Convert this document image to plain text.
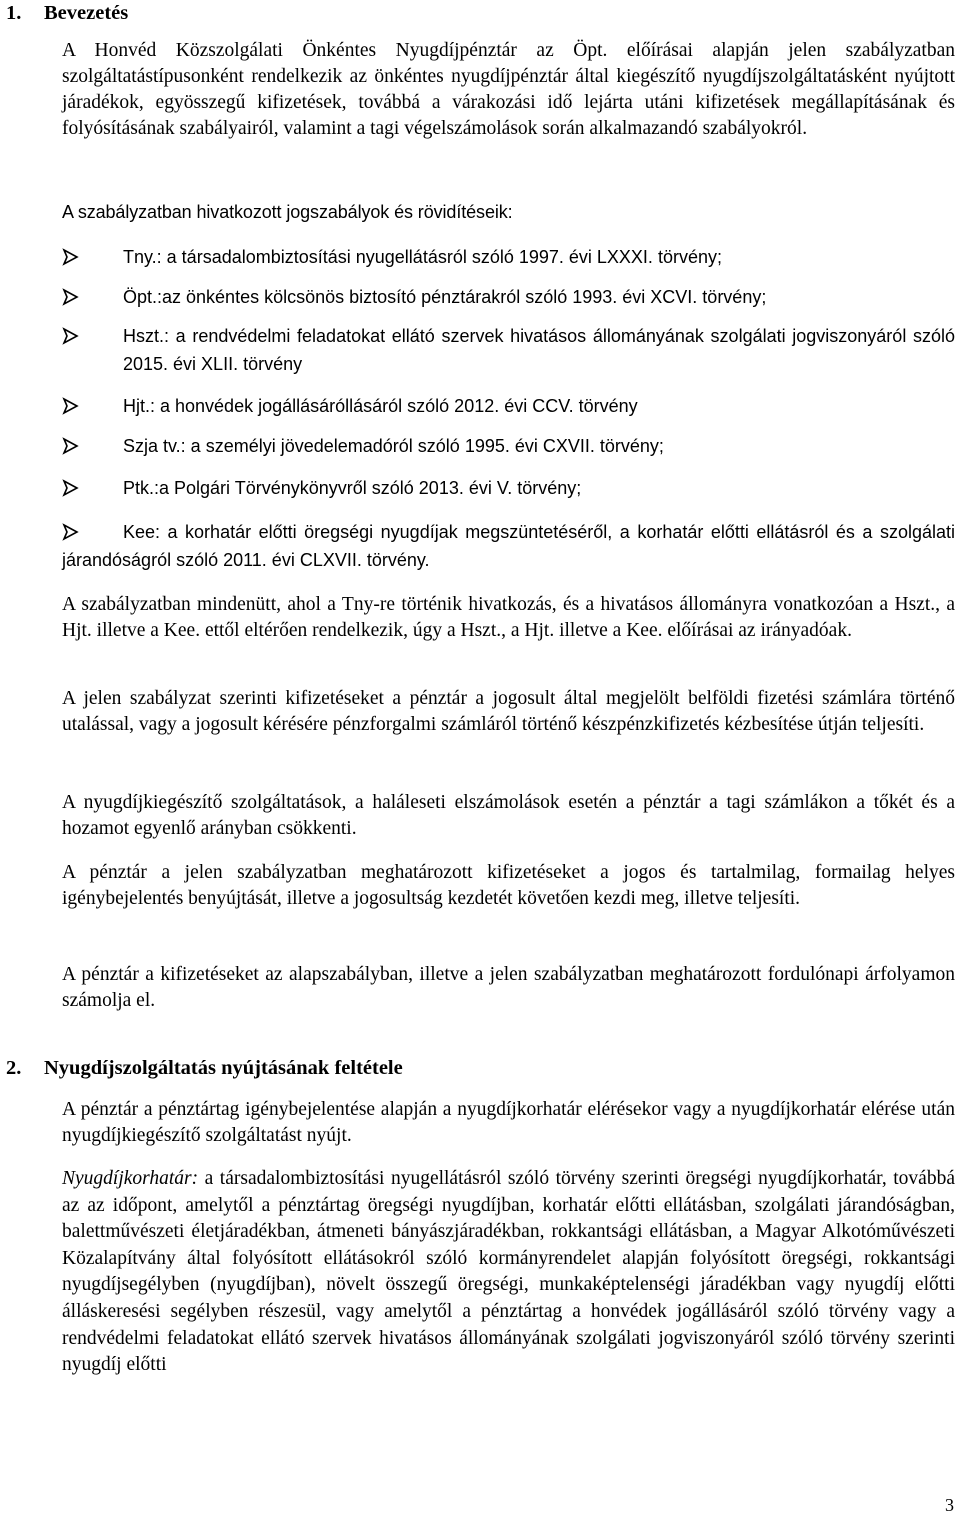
1. Bevezetés
A Honvéd Közszolgálati Önkéntes Nyugdíjpénztár az Öpt. előírásai alapján jelen szabályzatban szolgáltatástípusonként rendelkezik az önkéntes nyugdíjpénztár által kiegészítő nyugdíjszolgáltatásként nyújtott járadékok, egyösszegű kifizetések, továbbá a várakozási idő lejárta utáni kifizetések megállapításának és folyósításának szabályairól, valamint a tagi végelszámolások során alkalmazandó szabályokról.
A szabályzatban hivatkozott jogszabályok és rövidítéseik:
Tny.: a társadalombiztosítási nyugellátásról szóló 1997. évi LXXXI. törvény;
Öpt.:az önkéntes kölcsönös biztosító pénztárakról szóló 1993. évi XCVI. törvény;
Hszt.: a rendvédelmi feladatokat ellátó szervek hivatásos állományának szolgálati jogviszonyáról szóló 2015. évi XLII. törvény
Hjt.: a honvédek jogállásáróllásáról szóló 2012. évi CCV. törvény
Szja tv.: a személyi jövedelemadóról szóló 1995. évi CXVII. törvény;
Ptk.:a Polgári Törvénykönyvről szóló 2013. évi V. törvény;
Kee: a korhatár előtti öregségi nyugdíjak megszüntetéséről, a korhatár előtti ellátásról és a szolgálati járandóságról szóló 2011. évi CLXVII. törvény.
A szabályzatban mindenütt, ahol a Tny-re történik hivatkozás, és a hivatásos állományra vonatkozóan a Hszt., a Hjt. illetve a Kee. ettől eltérően rendelkezik, úgy a Hszt., a Hjt. illetve a Kee. előírásai az irányadóak.
A jelen szabályzat szerinti kifizetéseket a pénztár a jogosult által megjelölt belföldi fizetési számlára történő utalással, vagy a jogosult kérésére pénzforgalmi számláról történő készpénzkifizetés kézbesítése útján teljesíti.
A nyugdíjkiegészítő szolgáltatások, a haláleseti elszámolások esetén a pénztár a tagi számlákon a tőkét és a hozamot egyenlő arányban csökkenti.
A pénztár a jelen szabályzatban meghatározott kifizetéseket a jogos és tartalmilag, formailag helyes igénybejelentés benyújtását, illetve a jogosultság kezdetét követően kezdi meg, illetve teljesíti.
A pénztár a kifizetéseket az alapszabályban, illetve a jelen szabályzatban meghatározott fordulónapi árfolyamon számolja el.
2. Nyugdíjszolgáltatás nyújtásának feltétele
A pénztár a pénztártag igénybejelentése alapján a nyugdíjkorhatár elérésekor vagy a nyugdíjkorhatár elérése után nyugdíjkiegészítő szolgáltatást nyújt.
Nyugdíjkorhatár: a társadalombiztosítási nyugellátásról szóló törvény szerinti öregségi nyugdíjkorhatár, továbbá az az időpont, amelytől a pénztártag öregségi nyugdíjban, korhatár előtti ellátásban, szolgálati járandóságban, balettművészeti életjáradékban, átmeneti bányászjáradékban, rokkantsági ellátásban, a Magyar Alkotóművészeti Közalapítvány által folyósított ellátásokról szóló kormányrendelet alapján folyósított öregségi, rokkantsági nyugdíjsegélyben (nyugdíjban), növelt összegű öregségi, munkaképtelenségi járadékban vagy nyugdíj előtti álláskeresési segélyben részesül, vagy amelytől a pénztártag a honvédek jogállásáról szóló törvény vagy a rendvédelmi feladatokat ellátó szervek hivatásos állományának szolgálati jogviszonyáról szóló törvény szerinti nyugdíj előtti
3
